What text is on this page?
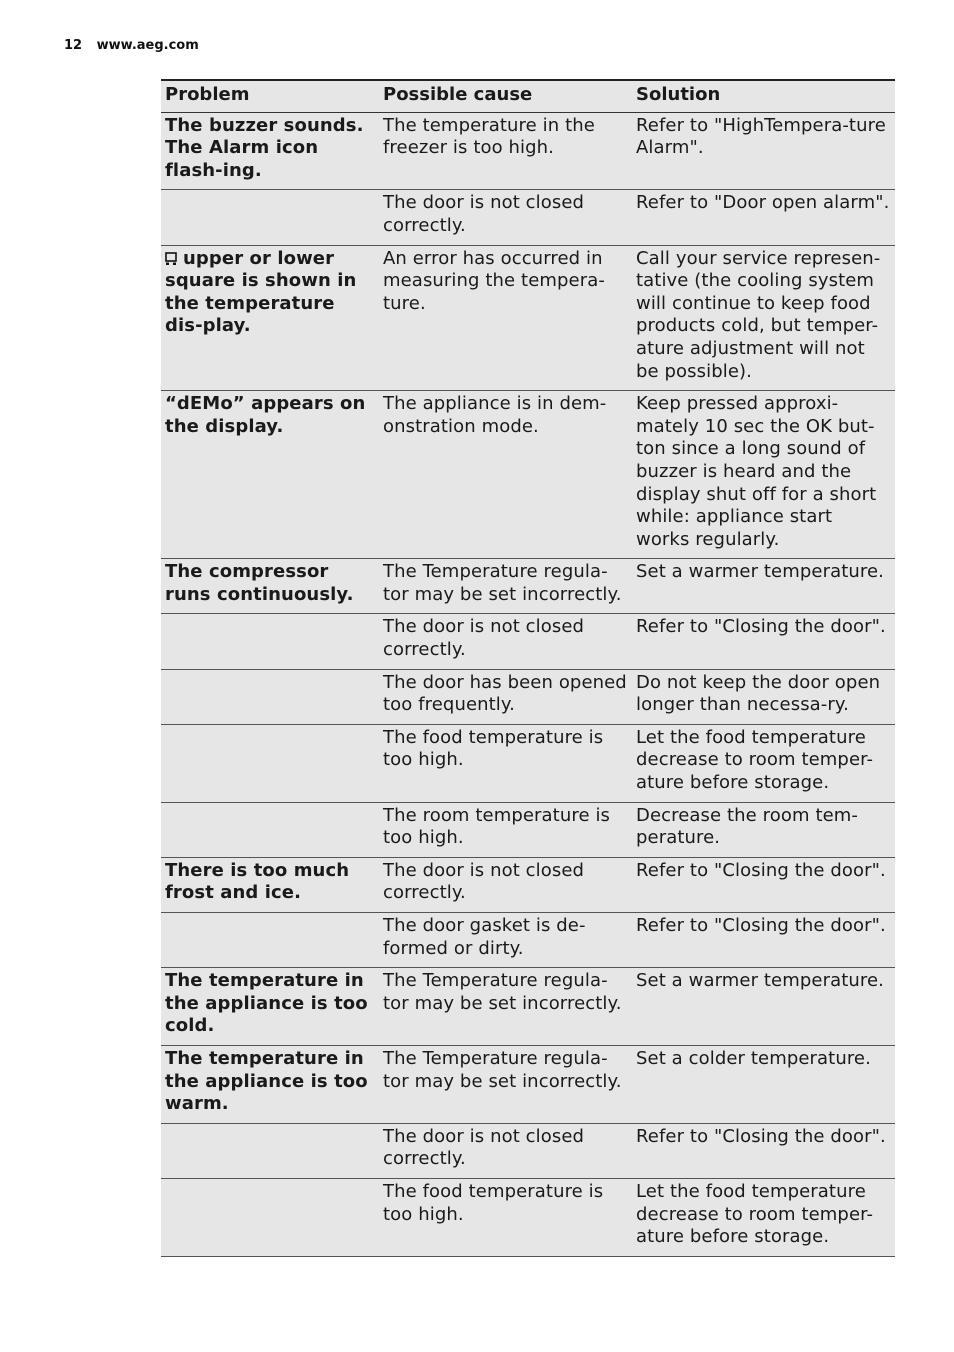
12 www.aeg.com
Problem	Possible cause	Solution
The buzzer sounds. The Alarm icon flash-ing.	The temperature in the freezer is too high.	Refer to "HighTempera-ture Alarm".
	The door is not closed correctly.	Refer to "Door open alarm".
upper or lower square is shown in the temperature dis-play.	An error has occurred in measuring the tempera-ture.	Call your service represen-tative (the cooling system will continue to keep food products cold, but temper-ature adjustment will not be possible).
“dEMo” appears on the display.	The appliance is in dem-onstration mode.	Keep pressed approxi-mately 10 sec the OK but-ton since a long sound of buzzer is heard and the display shut off for a short while: appliance start works regularly.
The compressor runs continuously.	The Temperature regula-tor may be set incorrectly.	Set a warmer temperature.
	The door is not closed correctly.	Refer to "Closing the door".
	The door has been opened too frequently.	Do not keep the door open longer than necessa-ry.
	The food temperature is too high.	Let the food temperature decrease to room temper-ature before storage.
	The room temperature is too high.	Decrease the room tem-perature.
There is too much frost and ice.	The door is not closed correctly.	Refer to "Closing the door".
	The door gasket is de-formed or dirty.	Refer to "Closing the door".
The temperature in the appliance is too cold.	The Temperature regula-tor may be set incorrectly.	Set a warmer temperature.
The temperature in the appliance is too warm.	The Temperature regula-tor may be set incorrectly.	Set a colder temperature.
	The door is not closed correctly.	Refer to "Closing the door".
	The food temperature is too high.	Let the food temperature decrease to room temper-ature before storage.
